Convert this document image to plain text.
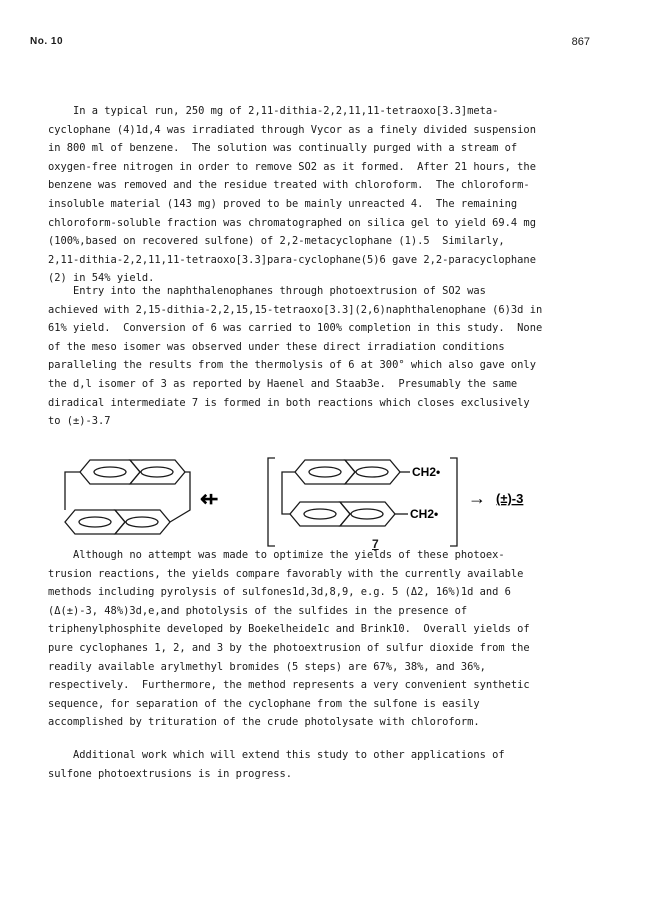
No. 10	867
In a typical run, 250 mg of 2,11-dithia-2,2,11,11-tetraoxo[3.3]meta-
cyclophane (4)1d,4 was irradiated through Vycor as a finely divided suspension
in 800 ml of benzene.  The solution was continually purged with a stream of
oxygen-free nitrogen in order to remove SO2 as it formed.  After 21 hours, the
benzene was removed and the residue treated with chloroform.  The chloroform-
insoluble material (143 mg) proved to be mainly unreacted 4.  The remaining
chloroform-soluble fraction was chromatographed on silica gel to yield 69.4 mg
(100%,based on recovered sulfone) of 2,2-metacyclophane (1).5  Similarly,
2,11-dithia-2,2,11,11-tetraoxo[3.3]para-cyclophane(5)6 gave 2,2-paracyclophane
(2) in 54% yield.
Entry into the naphthalenophanes through photoextrusion of SO2 was
achieved with 2,15-dithia-2,2,15,15-tetraoxo[3.3](2,6)naphthalenophane (6)3d in
61% yield.  Conversion of 6 was carried to 100% completion in this study.  None
of the meso isomer was observed under these direct irradiation conditions
paralleling the results from the thermolysis of 6 at 300° which also gave only
the d,l isomer of 3 as reported by Haenel and Staab3e.  Presumably the same
diradical intermediate 7 is formed in both reactions which closes exclusively
to (±)-3.7
⇷
CH2•
CH2•
→ (±)-3
7
Although no attempt was made to optimize the yields of these photoex-
trusion reactions, the yields compare favorably with the currently available
methods including pyrolysis of sulfones1d,3d,8,9, e.g. 5 (Δ2, 16%)1d and 6
(Δ(±)-3, 48%)3d,e,and photolysis of the sulfides in the presence of
triphenylphosphite developed by Boekelheide1c and Brink10.  Overall yields of
pure cyclophanes 1, 2, and 3 by the photoextrusion of sulfur dioxide from the
readily available arylmethyl bromides (5 steps) are 67%, 38%, and 36%,
respectively.  Furthermore, the method represents a very convenient synthetic
sequence, for separation of the cyclophane from the sulfone is easily
accomplished by trituration of the crude photolysate with chloroform.
Additional work which will extend this study to other applications of
sulfone photoextrusions is in progress.
